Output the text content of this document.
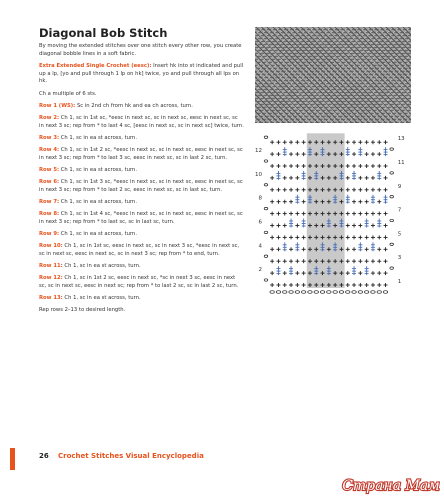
Diagonal Bob Stitch

By moving the extended stitches over one stitch every other row, you create diagonal bobble lines in a soft fabric.

Extra Extended Single Crochet (eesc): Insert hk into st indicated and pull up a lp, [yo and pull through 1 lp on hk] twice, yo and pull through all lps on hk.

Ch a multiple of 6 sts.

Row 1 (WS): Sc in 2nd ch from hk and ea ch across, turn.

Row 2: Ch 1, sc in 1st sc, *eesc in next sc, sc in next sc, eesc in next sc, sc in next 3 sc; rep from * to last 4 sc, [eesc in next sc, sc in next sc] twice, turn.

Row 3: Ch 1, sc in ea st across, turn.

Row 4: Ch 1, sc in 1st 2 sc, *eesc in next sc, sc in next sc, eesc in next sc, sc in next 3 sc; rep from * to last 3 sc, eesc in next sc, sc in last 2 sc, turn.

Row 5: Ch 1, sc in ea st across, turn.

Row 6: Ch 1, sc in 1st 3 sc, *eesc in next sc, sc in next sc, eesc in next sc, sc in next 3 sc; rep from * to last 2 sc, eesc in next sc, sc in last sc, turn.

Row 7: Ch 1, sc in ea st across, turn.

Row 8: Ch 1, sc in 1st 4 sc, *eesc in next sc, sc in next sc, eesc in next sc, sc in next 3 sc; rep from * to last sc, sc in last sc, turn.

Row 9: Ch 1, sc in ea st across, turn.

Row 10: Ch 1, sc in 1st sc, eesc in next sc, sc in next 3 sc, *eesc in next sc, sc in next sc, eesc in next sc, sc in next 3 sc; rep from * to end, turn.

Row 11: Ch 1, sc in ea st across, turn.

Row 12: Ch 1, sc in 1st 2 sc, eesc in next sc, *sc in next 3 sc, eesc in next sc, sc in next sc, eesc in next sc; rep from * to last 2 sc, sc in last 2 sc, turn.

Row 13: Ch 1, sc in ea st across, turn.

Rep rows 2–13 to desired length.

13
11
9
7
5
3
1
12
10
8
6
4
2
26 Crochet Stitches Visual Encyclopedia
Страна Мам
